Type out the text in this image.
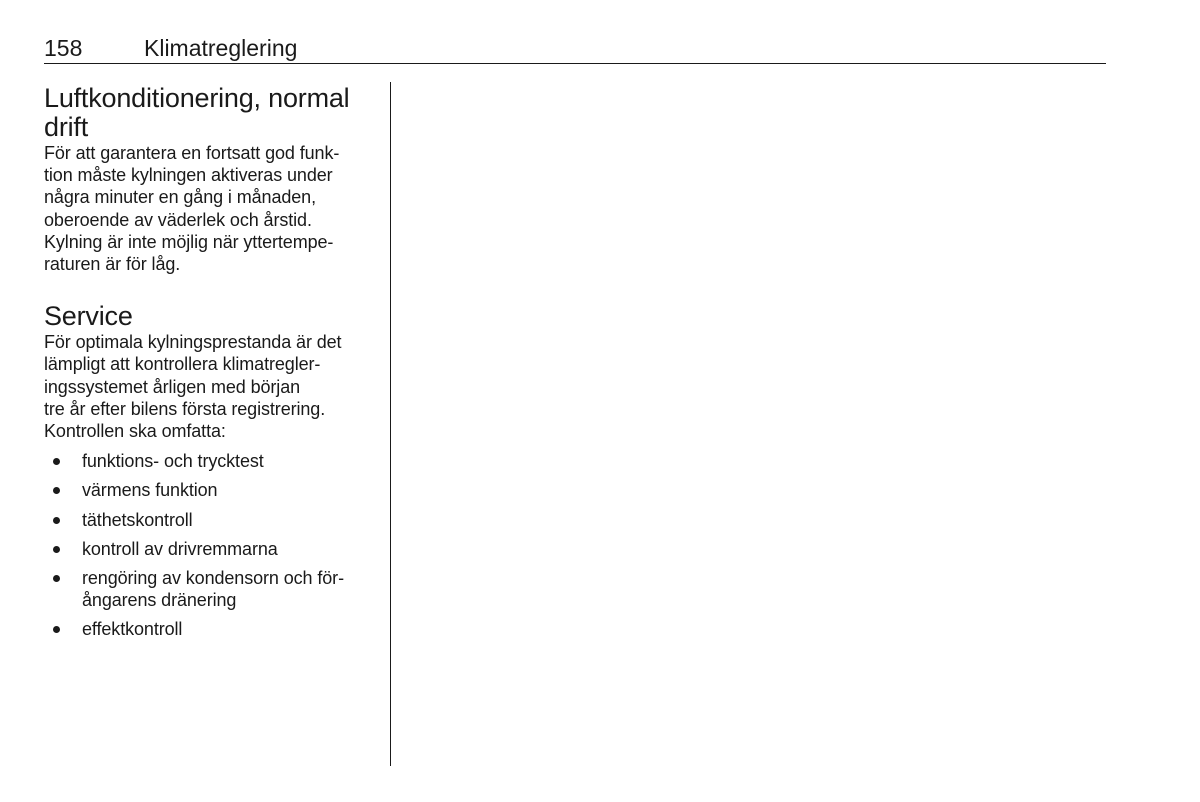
158	Klimatreglering
Luftkonditionering, normal
drift

För att garantera en fortsatt god funk-
tion måste kylningen aktiveras under
några minuter en gång i månaden,
oberoende av väderlek och årstid.
Kylning är inte möjlig när yttertempe-
raturen är för låg.

Service

För optimala kylningsprestanda är det
lämpligt att kontrollera klimatregler-
ingssystemet årligen med början
tre år efter bilens första registrering.
Kontrollen ska omfatta:

funktions- och trycktest
värmens funktion
täthetskontroll
kontroll av drivremmarna
rengöring av kondensorn och för-
ångarens dränering
effektkontroll
